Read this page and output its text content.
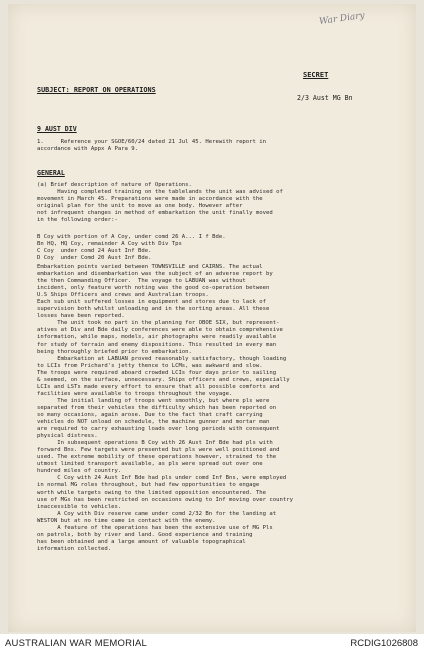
War Diary
SECRET
SUBJECT: REPORT ON OPERATIONS
2/3 Aust MG Bn
9 AUST DIV
1.     Reference your SGOE/60/24 dated 21 Jul 45. Herewith report in
accordance with Appx A Para 9.
GENERAL
(a) Brief description of nature of Operations.
Having completed training on the tablelands the unit was advised of
movement in March 45. Preparations were made in accordance with the
original plan for the unit to move as one body. However after
not infrequent changes in method of embarkation the unit finally moved
in the following order:-
B Coy with portion of A Coy, under comd 26 A... I f Bde.
Bn HQ, HQ Coy, remainder A Coy with Div Tps
C Coy  under comd 24 Aust Inf Bde.
D Coy  under Comd 20 Aust Inf Bde.
Embarkation points varied between TOWNSVILLE and CAIRNS. The actual
embarkation and disembarkation was the subject of an adverse report by
the then Commanding Officer.  The voyage to LABUAN was without
incident, only feature worth noting was the good co-operation between
U.S Ships Officers and crews and Australian troops.
Each sub unit suffered losses in equipment and stores due to lack of
supervision both whilst unloading and in the sorting areas. All these
losses have been reported.
The unit took no part in the planning for OBOE SIX, but represent-
atives at Div and Bde daily conferences were able to obtain comprehensive
information, while maps, models, air photographs were readily available
for study of terrain and enemy dispositions. This resulted in every man
being thoroughly briefed prior to embarkation.
Embarkation at LABUAN proved reasonably satisfactory, though loading
to LCIs from Prichard's jetty thence to LCMs, was awkward and slow.
The troops were required aboard crowded LCIs four days prior to sailing
& seemed, on the surface, unnecessary. Ships officers and crews, especially
LCIs and LSTs made every effort to ensure that all possible comforts and
facilities were available to troops throughout the voyage.
The initial landing of troops went smoothly, but where pls were
separated from their vehicles the difficulty which has been reported on
so many occasions, again arose. Due to the fact that craft carrying
vehicles do NOT unload on schedule, the machine gunner and mortar man
are required to carry exhausting loads over long periods with consequent
physical distress.
In subsequent operations B Coy with 26 Aust Inf Bde had pls with
forward Bns. Few targets were presented but pls were well positioned and
used. The extreme mobility of these operations however, strained to the
utmost limited transport available, as pls were spread out over one
hundred miles of country.
C Coy with 24 Aust Inf Bde had pls under comd Inf Bns, were employed
in normal MG roles throughout, but had few opportunities to engage
worth while targets owing to the limited opposition encountered. The
use of MGs has been restricted on occasions owing to Inf moving over country
inaccessible to vehicles.
A Coy with Div reserve came under comd 2/32 Bn for the landing at
WESTON but at no time came in contact with the enemy.
A feature of the operations has been the extensive use of MG Pls
on patrols, both by river and land. Good experience and training
has been obtained and a large amount of valuable topographical
information collected.
AUSTRALIAN WAR MEMORIAL	RCDIG1026808
